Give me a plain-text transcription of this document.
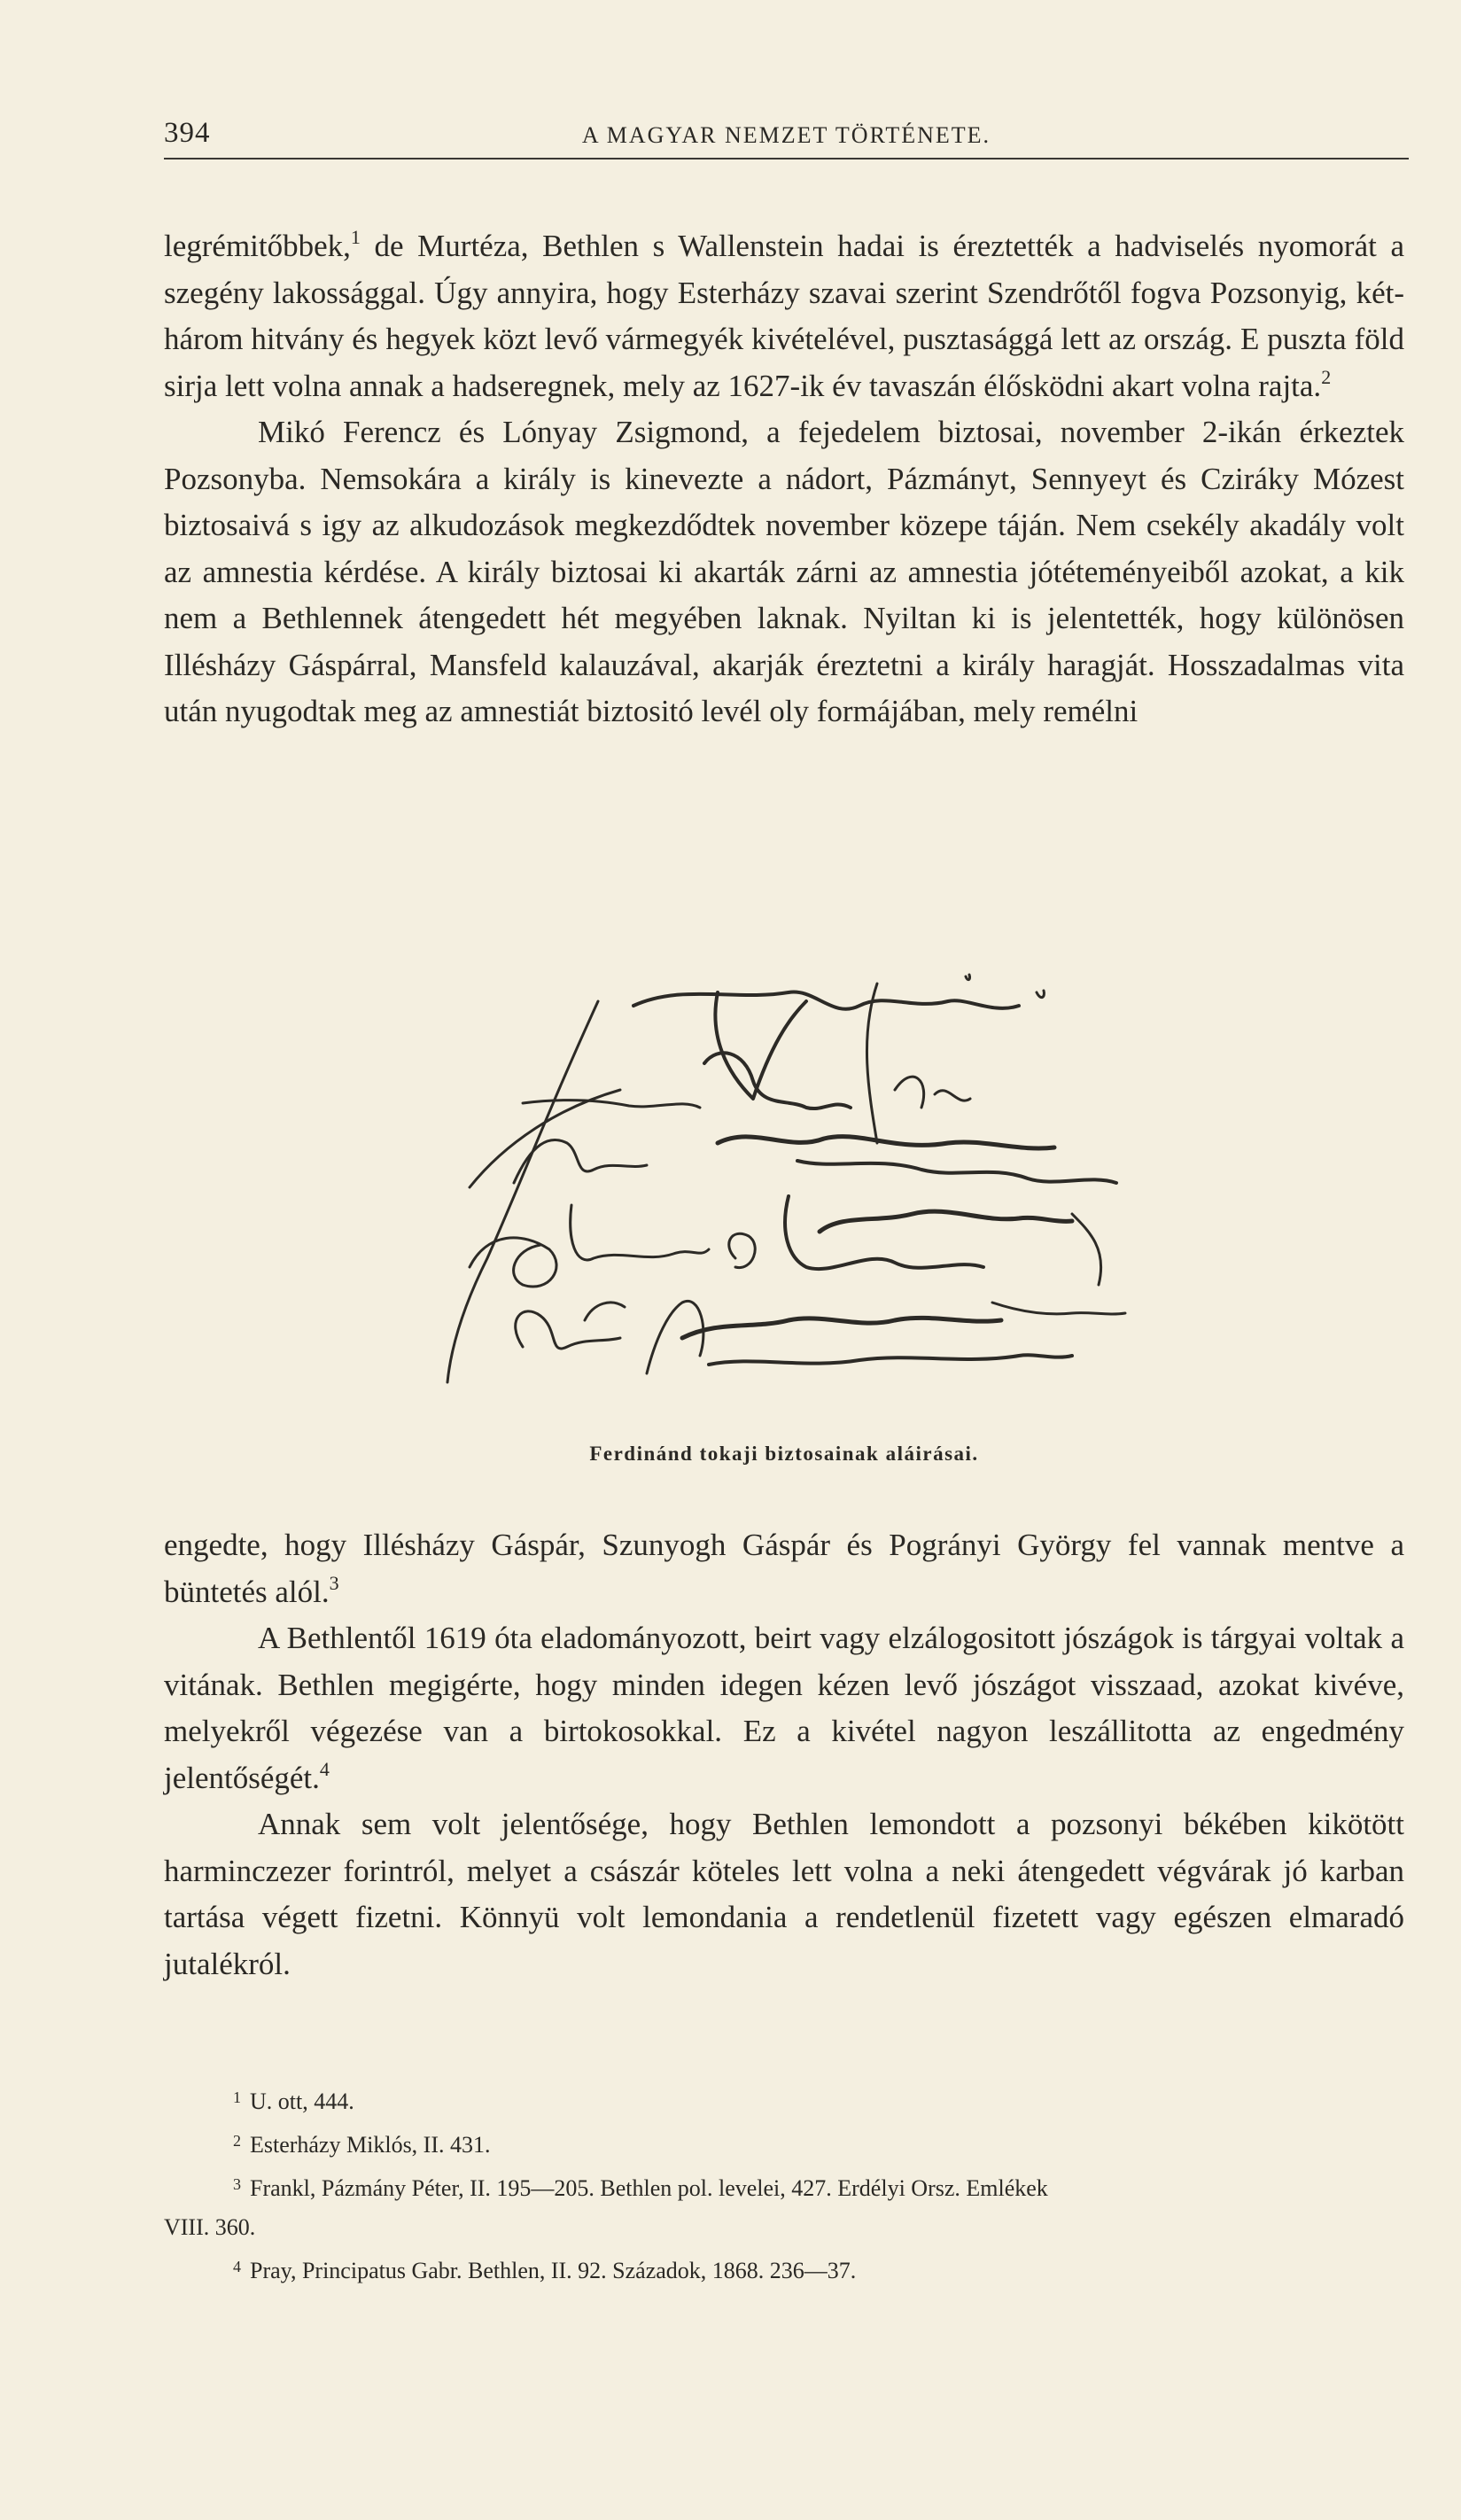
394	A MAGYAR NEMZET TÖRTÉNETE.

legrémitőbbek,$^1$ de Murtéza, Bethlen s Wallenstein hadai is éreztették a hadviselés nyomorát a szegény lakossággal. Úgy annyira, hogy Esterházy szavai szerint Szendrőtől fogva Pozsonyig, két-három hitvány és hegyek közt levő vármegyék kivételével, pusztasággá lett az ország. E puszta föld sirja lett volna annak a hadseregnek, mely az 1627-ik év tavaszán élősködni akart volna rajta.$^2$

Mikó Ferencz és Lónyay Zsigmond, a fejedelem biztosai, november 2-ikán érkeztek Pozsonyba. Nemsokára a király is kinevezte a nádort, Pázmányt, Sennyeyt és Cziráky Mózest biztosaivá s igy az alkudozások megkezdődtek november közepe táján. Nem csekély akadály volt az amnestia kérdése. A király biztosai ki akarták zárni az amnestia jótéteményeiből azokat, a kik nem a Bethlennek átengedett hét megyében laknak. Nyiltan ki is jelentették, hogy különösen Illésházy Gáspárral, Mansfeld kalauzával, akarják éreztetni a király haragját. Hosszadalmas vita után nyugodtak meg az amnestiát biztositó levél oly formájában, mely remélni

Ferdinánd tokaji biztosainak aláirásai.

engedte, hogy Illésházy Gáspár, Szunyogh Gáspár és Pogrányi György fel vannak mentve a büntetés alól.$^3$

A Bethlentől 1619 óta eladományozott, beirt vagy elzálogositott jószágok is tárgyai voltak a vitának. Bethlen megigérte, hogy minden idegen kézen levő jószágot visszaad, azokat kivéve, melyekről végezése van a birtokosokkal. Ez a kivétel nagyon leszállitotta az engedmény jelentőségét.$^4$

Annak sem volt jelentősége, hogy Bethlen lemondott a pozsonyi békében kikötött harminczezer forintról, melyet a császár köteles lett volna a neki átengedett végvárak jó karban tartása végett fizetni. Könnyü volt lemondania a rendetlenül fizetett vagy egészen elmaradó jutalékról.

$^1$ U. ott, 444.

$^2$ Esterházy Miklós, II. 431.

$^3$ Frankl, Pázmány Péter, II. 195—205. Bethlen pol. levelei, 427. Erdélyi Orsz. Emlékek

VIII. 360.

$^4$ Pray, Principatus Gabr. Bethlen, II. 92. Századok, 1868. 236—37.
